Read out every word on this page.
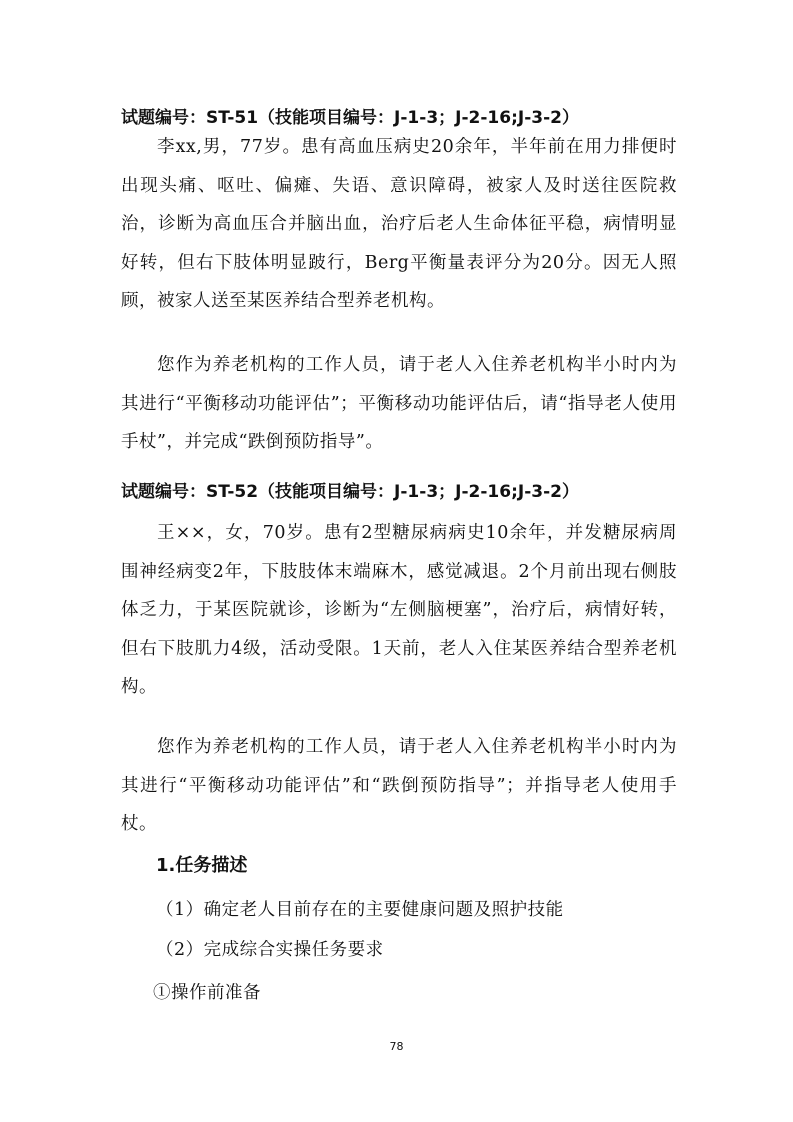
试题编号：ST-51（技能项目编号：J-1-3；J-2-16;J-3-2）

李xx,男，77岁。患有高血压病史20余年，半年前在用力排便时出现头痛、呕吐、偏瘫、失语、意识障碍，被家人及时送往医院救治，诊断为高血压合并脑出血，治疗后老人生命体征平稳，病情明显好转，但右下肢体明显跛行，Berg平衡量表评分为20分。因无人照顾，被家人送至某医养结合型养老机构。

您作为养老机构的工作人员，请于老人入住养老机构半小时内为其进行“平衡移动功能评估”；平衡移动功能评估后，请“指导老人使用手杖”，并完成“跌倒预防指导”。

试题编号：ST-52（技能项目编号：J-1-3；J-2-16;J-3-2）

王××，女，70岁。患有2型糖尿病病史10余年，并发糖尿病周围神经病变2年，下肢肢体末端麻木，感觉减退。2个月前出现右侧肢体乏力，于某医院就诊，诊断为“左侧脑梗塞”，治疗后，病情好转，但右下肢肌力4级，活动受限。1天前，老人入住某医养结合型养老机构。

您作为养老机构的工作人员，请于老人入住养老机构半小时内为其进行“平衡移动功能评估”和“跌倒预防指导”；并指导老人使用手杖。

1.任务描述
（1）确定老人目前存在的主要健康问题及照护技能
（2）完成综合实操任务要求
①操作前准备
78
